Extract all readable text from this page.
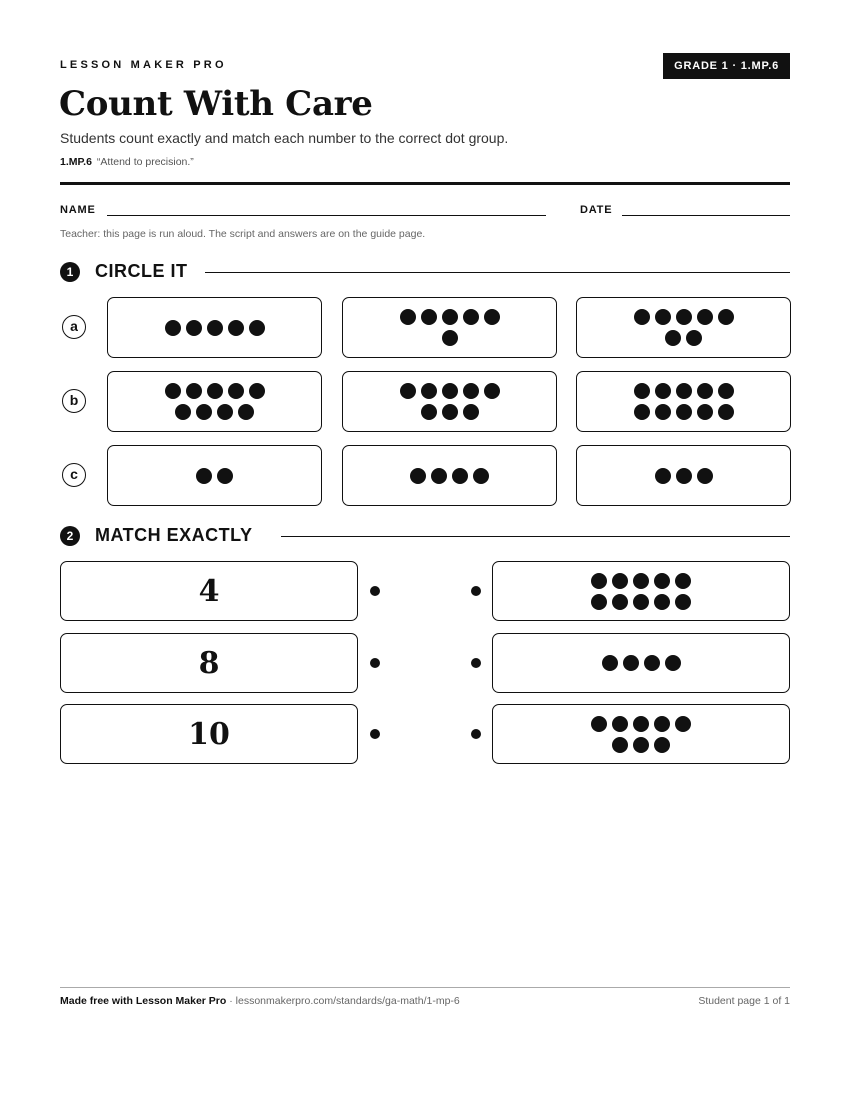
LESSON MAKER PRO	GRADE 1 · 1.MP.6
Count With Care
Students count exactly and match each number to the correct dot group.
1.MP.6 “Attend to precision.”
NAME	DATE
Teacher: this page is run aloud. The script and answers are on the guide page.
1	CIRCLE IT
a
b
c
2	MATCH EXACTLY
4
8
10
Made free with Lesson Maker Pro · lessonmakerpro.com/standards/ga-math/1-mp-6	Student page 1 of 1
